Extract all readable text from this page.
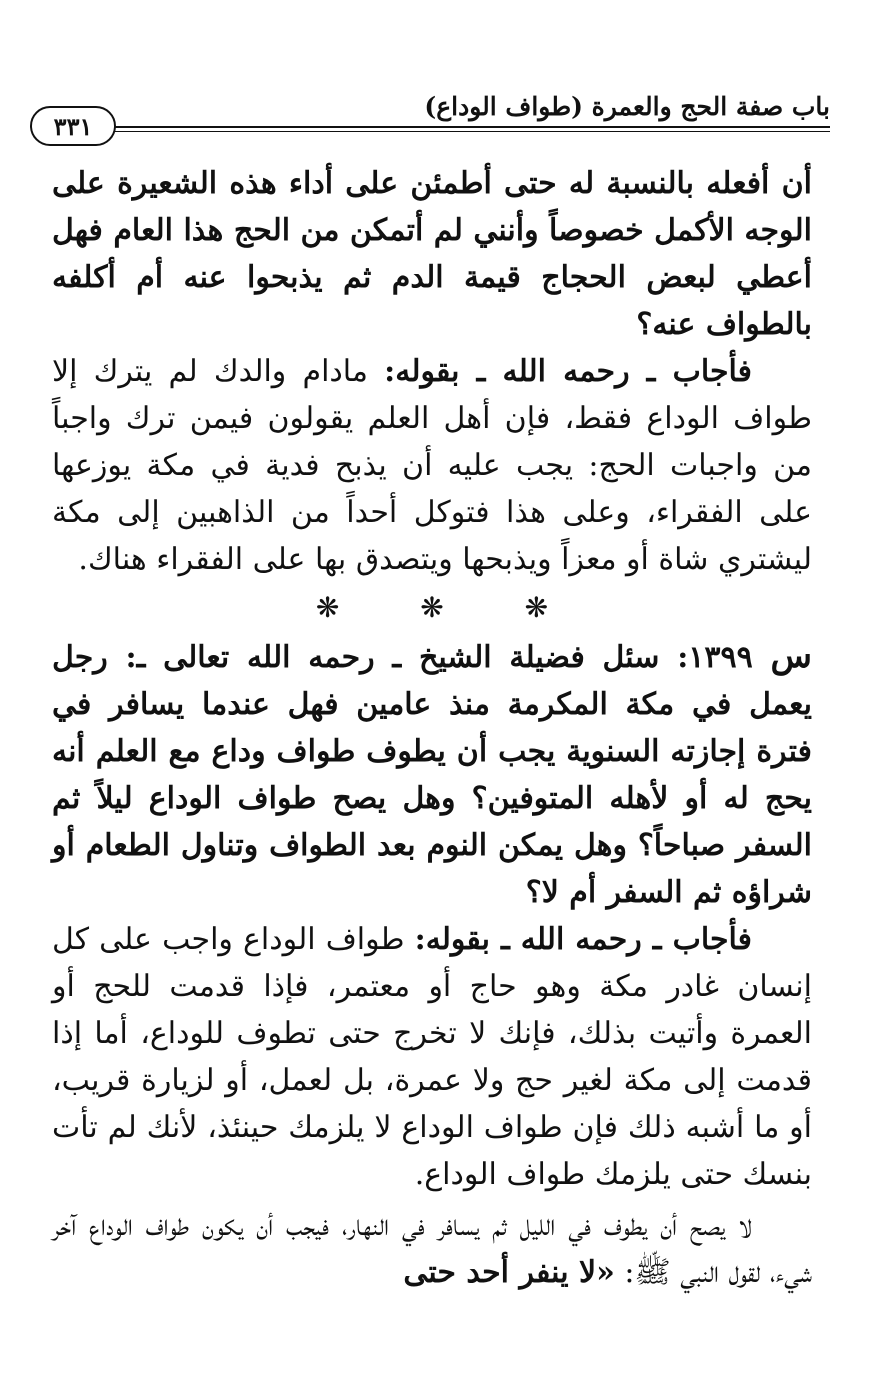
٣٣١
باب صفة الحج والعمرة (طواف الوداع)

أن أفعله بالنسبة له حتى أطمئن على أداء هذه الشعيرة على الوجه الأكمل خصوصاً وأنني لم أتمكن من الحج هذا العام فهل أعطي لبعض الحجاج قيمة الدم ثم يذبحوا عنه أم أكلفه بالطواف عنه؟

فأجاب ـ رحمه الله ـ بقوله: مادام والدك لم يترك إلا طواف الوداع فقط، فإن أهل العلم يقولون فيمن ترك واجباً من واجبات الحج: يجب عليه أن يذبح فدية في مكة يوزعها على الفقراء، وعلى هذا فتوكل أحداً من الذاهبين إلى مكة ليشتري شاة أو معزاً ويذبحها ويتصدق بها على الفقراء هناك.

❋ ❋ ❋

س ١٣٩٩: سئل فضيلة الشيخ ـ رحمه الله تعالى ـ: رجل يعمل في مكة المكرمة منذ عامين فهل عندما يسافر في فترة إجازته السنوية يجب أن يطوف طواف وداع مع العلم أنه يحج له أو لأهله المتوفين؟ وهل يصح طواف الوداع ليلاً ثم السفر صباحاً؟ وهل يمكن النوم بعد الطواف وتناول الطعام أو شراؤه ثم السفر أم لا؟

فأجاب ـ رحمه الله ـ بقوله: طواف الوداع واجب على كل إنسان غادر مكة وهو حاج أو معتمر، فإذا قدمت للحج أو العمرة وأتيت بذلك، فإنك لا تخرج حتى تطوف للوداع، أما إذا قدمت إلى مكة لغير حج ولا عمرة، بل لعمل، أو لزيارة قريب، أو ما أشبه ذلك فإن طواف الوداع لا يلزمك حينئذ، لأنك لم تأت بنسك حتى يلزمك طواف الوداع.

لا يصح أن يطوف في الليل ثم يسافر في النهار، فيجب أن يكون طواف الوداع آخر شيء، لقول النبي ﷺ: «لا ينفر أحد حتى
